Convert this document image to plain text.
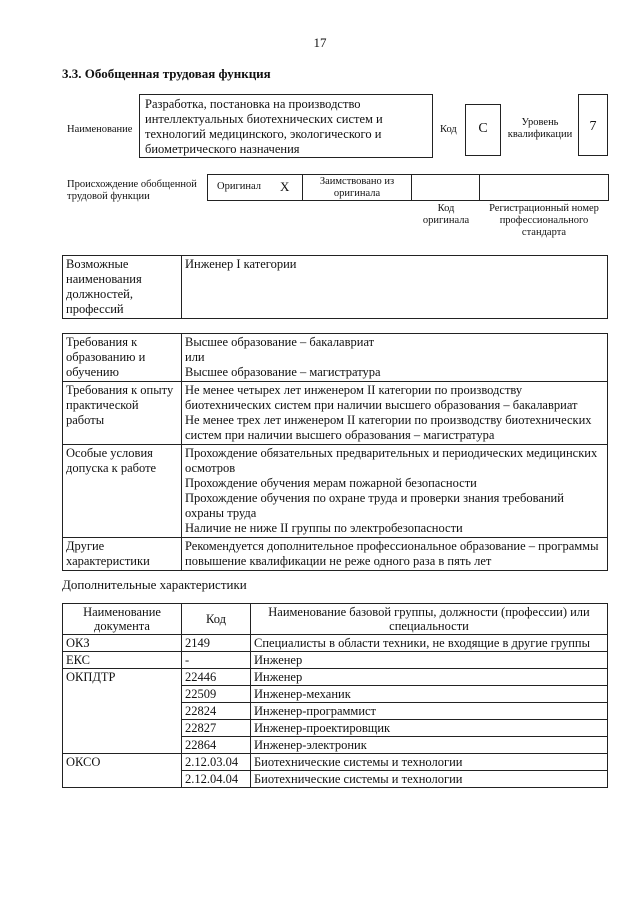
17
3.3. Обобщенная трудовая функция
Наименование
Разработка, постановка на производство интеллектуальных биотехнических систем и технологий медицинского, экологического и биометрического назначения
Код	C	Уровень квалификации
7
Происхождение обобщенной трудовой функции
Оригинал X	Заимствовано из оригинала
Код оригинала
Регистрационный номер профессионального стандарта
Возможные наименования должностей, профессий	Инженер I категории
Требования к образованию и обучению	Высшее образование – бакалавриат
или
Высшее образование – магистратура

Требования к опыту практической работы	Не менее четырех лет инженером II категории по производству биотехнических систем при наличии высшего образования – бакалавриат
Не менее трех лет инженером II категории по производству биотехнических систем при наличии высшего образования – магистратура

Особые условия допуска к работе	Прохождение обязательных предварительных и периодических медицинских осмотров
Прохождение обучения мерам пожарной безопасности
Прохождение обучения по охране труда и проверки знания требований охраны труда
Наличие не ниже II группы по электробезопасности

Другие характеристики	Рекомендуется дополнительное профессиональное образование – программы повышение квалификации не реже одного раза в пять лет
Дополнительные характеристики
Наименование документа	Код	Наименование базовой группы, должности (профессии) или специальности
ОКЗ	2149	Специалисты в области техники, не входящие в другие группы
ЕКС	-	Инженер
ОКПДТР	22446	Инженер
	22509	Инженер-механик
	22824	Инженер-программист
	22827	Инженер-проектировщик
	22864	Инженер-электроник
ОКСО	2.12.03.04	Биотехнические системы и технологии
	2.12.04.04	Биотехнические системы и технологии
